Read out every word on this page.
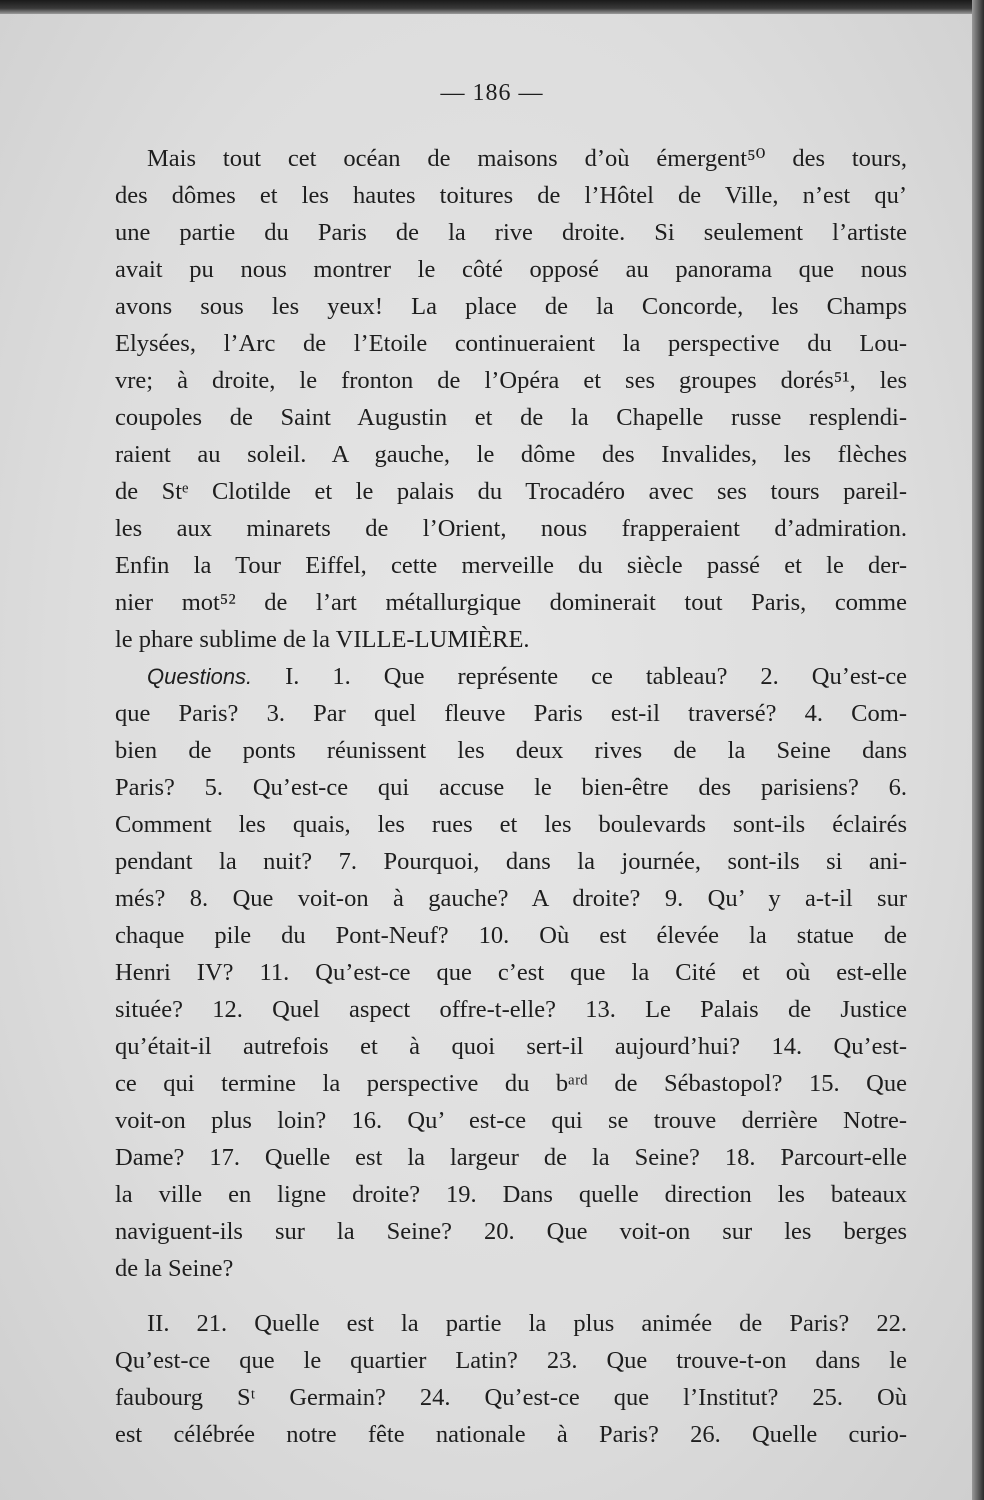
— 186 —
Mais tout cet océan de maisons d’où émergent⁵⁰ des tours,
des dômes et les hautes toitures de l’Hôtel de Ville, n’est qu’
une partie du Paris de la rive droite. Si seulement l’artiste
avait pu nous montrer le côté opposé au panorama que nous
avons sous les yeux! La place de la Concorde, les Champs
Elysées, l’Arc de l’Etoile continueraient la perspective du Lou-
vre; à droite, le fronton de l’Opéra et ses groupes dorés⁵¹, les
coupoles de Saint Augustin et de la Chapelle russe resplendi-
raient au soleil. A gauche, le dôme des Invalides, les flèches
de Stᵉ Clotilde et le palais du Trocadéro avec ses tours pareil-
les aux minarets de l’Orient, nous frapperaient d’admiration.
Enfin la Tour Eiffel, cette merveille du siècle passé et le der-
nier mot⁵² de l’art métallurgique dominerait tout Paris, comme
le phare sublime de la VILLE-LUMIÈRE.
Questions. I. 1. Que représente ce tableau? 2. Qu’est-ce
que Paris? 3. Par quel fleuve Paris est-il traversé? 4. Com-
bien de ponts réunissent les deux rives de la Seine dans
Paris? 5. Qu’est-ce qui accuse le bien-être des parisiens? 6.
Comment les quais, les rues et les boulevards sont-ils éclairés
pendant la nuit? 7. Pourquoi, dans la journée, sont-ils si ani-
més? 8. Que voit-on à gauche? A droite? 9. Qu’ y a-t-il sur
chaque pile du Pont-Neuf? 10. Où est élevée la statue de
Henri IV? 11. Qu’est-ce que c’est que la Cité et où est-elle
située? 12. Quel aspect offre-t-elle? 13. Le Palais de Justice
qu’était-il autrefois et à quoi sert-il aujourd’hui? 14. Qu’est-
ce qui termine la perspective du bᵃʳᵈ de Sébastopol? 15. Que
voit-on plus loin? 16. Qu’ est-ce qui se trouve derrière Notre-
Dame? 17. Quelle est la largeur de la Seine? 18. Parcourt-elle
la ville en ligne droite? 19. Dans quelle direction les bateaux
naviguent-ils sur la Seine? 20. Que voit-on sur les berges
de la Seine?
II. 21. Quelle est la partie la plus animée de Paris? 22.
Qu’est-ce que le quartier Latin? 23. Que trouve-t-on dans le
faubourg Sᵗ Germain? 24. Qu’est-ce que l’Institut? 25. Où
est célébrée notre fête nationale à Paris? 26. Quelle curio-
